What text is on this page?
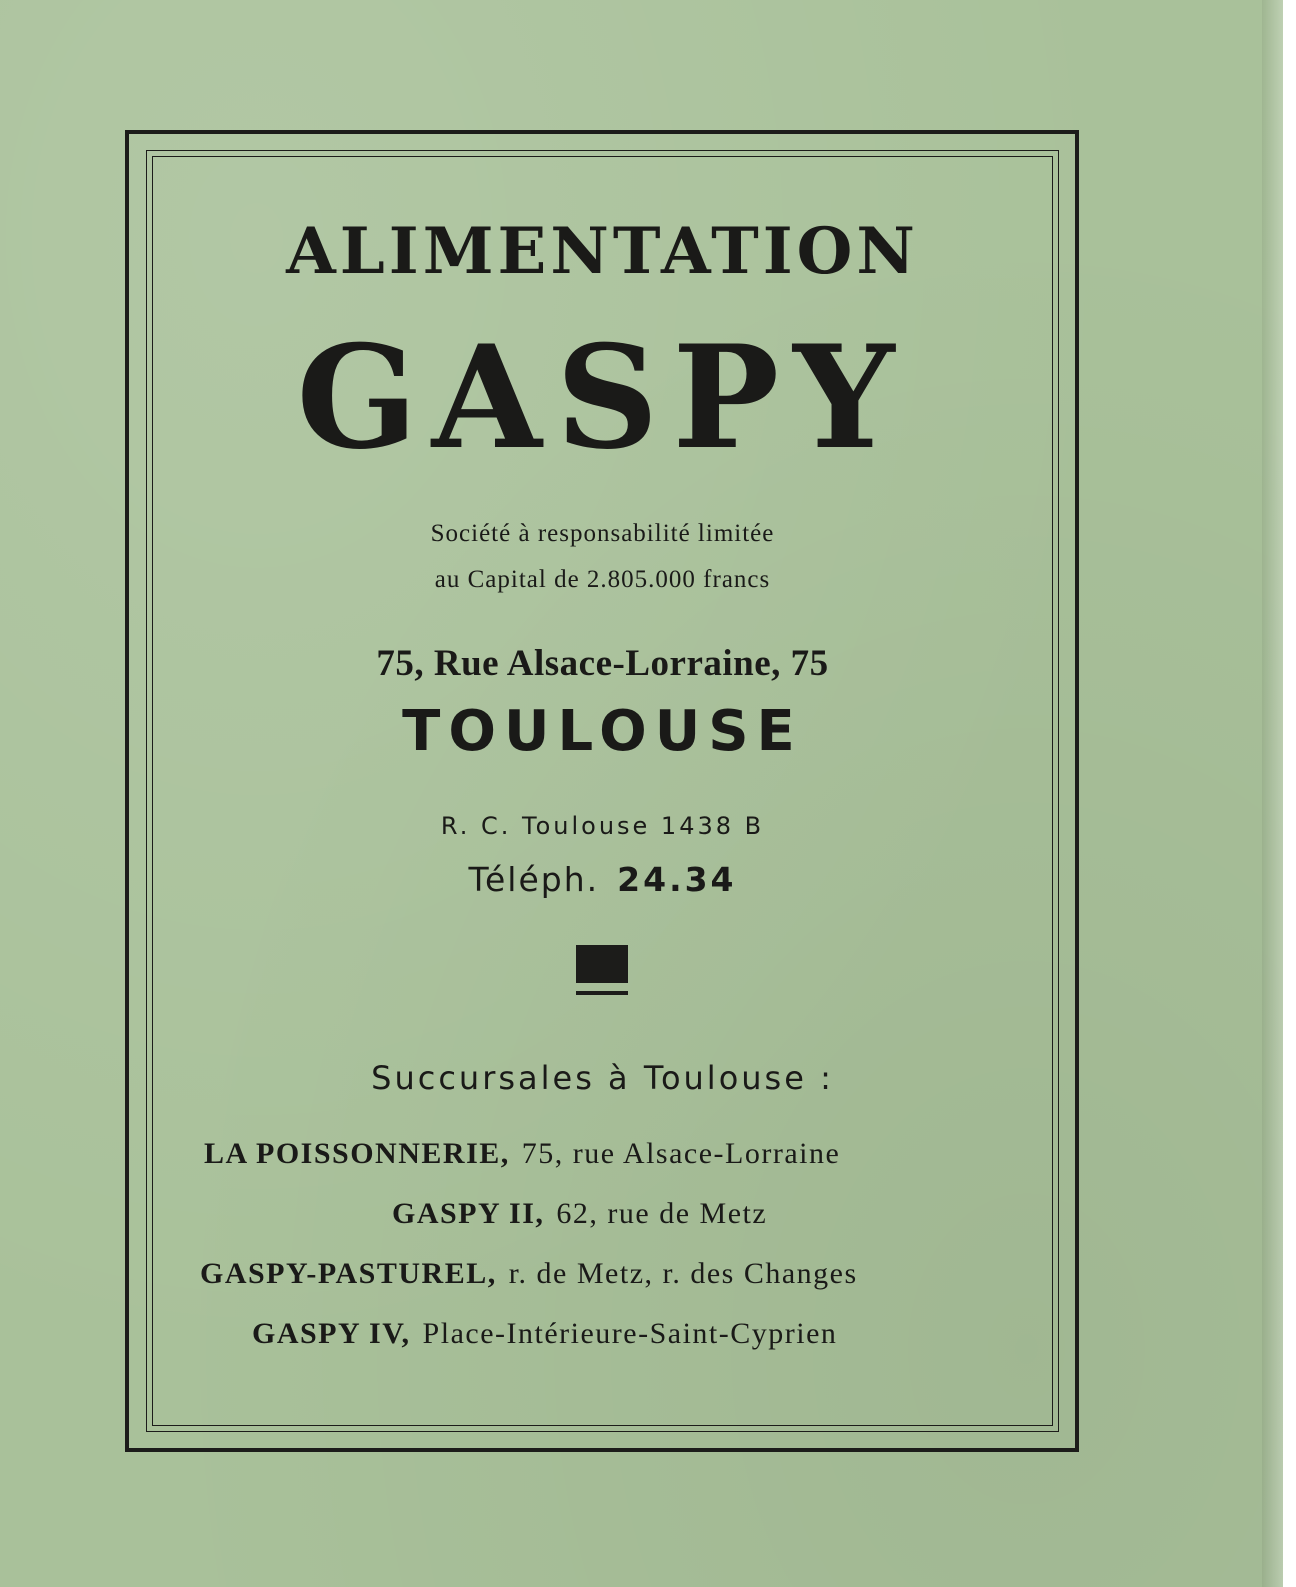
ALIMENTATION
GASPY
Société à responsabilité limitée
au Capital de 2.805.000 francs
75, Rue Alsace-Lorraine, 75
TOULOUSE
R. C. Toulouse 1438 B
Téléph. 24.34
Succursales à Toulouse :
LA POISSONNERIE, 75, rue Alsace-Lorraine
GASPY II, 62, rue de Metz
GASPY-PASTUREL, r. de Metz, r. des Changes
GASPY IV, Place-Intérieure-Saint-Cyprien
